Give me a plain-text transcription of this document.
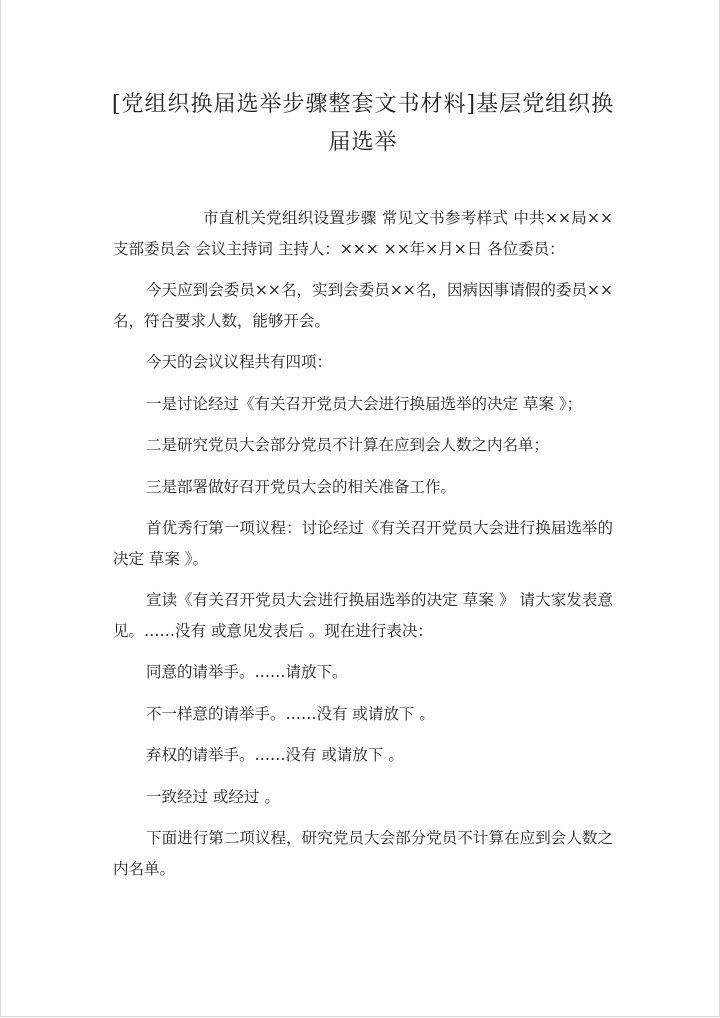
[党组织换届选举步骤整套文书材料]基层党组织换届选举

市直机关党组织设置步骤 常见文书参考样式 中共××局××支部委员会 会议主持词 主持人：××× ××年×月×日 各位委员：

今天应到会委员××名，实到会委员××名，因病因事请假的委员××名，符合要求人数，能够开会。

今天的会议议程共有四项：

一是讨论经过《有关召开党员大会进行换届选举的决定 草案 》；

二是研究党员大会部分党员不计算在应到会人数之内名单；

三是部署做好召开党员大会的相关准备工作。

首优秀行第一项议程：讨论经过《有关召开党员大会进行换届选举的决定 草案 》。

宣读《有关召开党员大会进行换届选举的决定 草案 》 请大家发表意见。……没有 或意见发表后 。现在进行表决：

同意的请举手。……请放下。

不一样意的请举手。……没有 或请放下 。

弃权的请举手。……没有 或请放下 。

一致经过 或经过 。

下面进行第二项议程，研究党员大会部分党员不计算在应到会人数之内名单。
